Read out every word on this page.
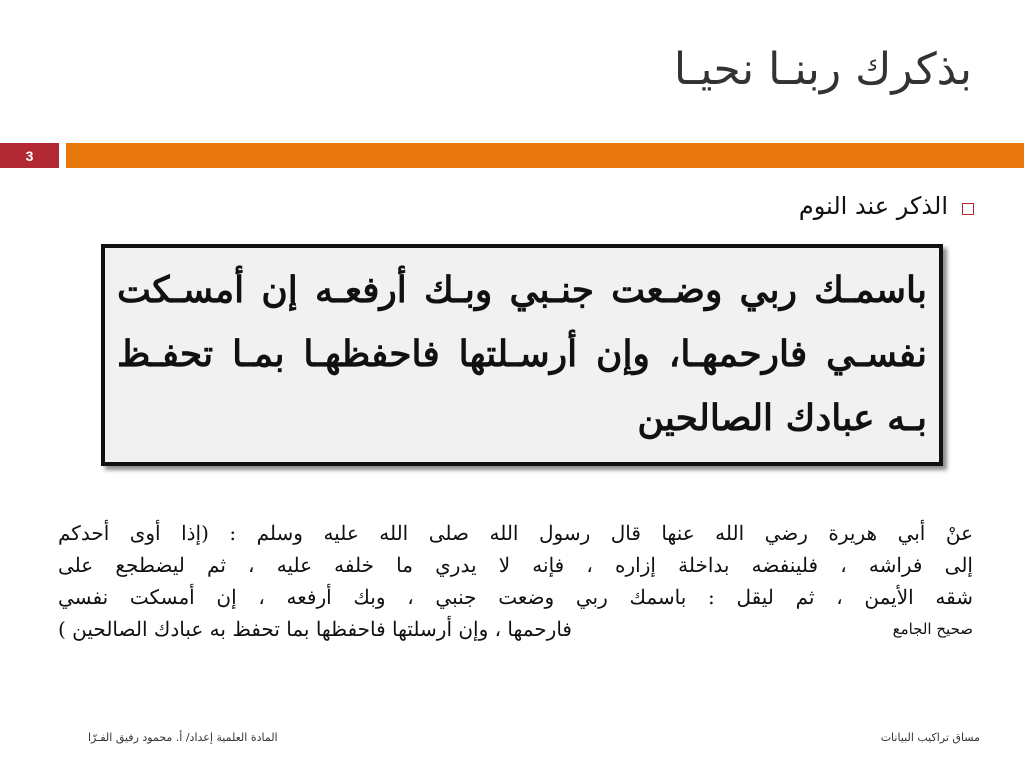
بذكرك ربنـا نحيـا
3
الذكر عند النوم
باسمـك ربي وضـعت جنـبي وبـك أرفعـه إن أمسـكت نفسـي فارحمهـا، وإن أرسـلتها فاحفظهـا بمـا تحفـظ بـه عبادك الصالحين
عنْ أبي هريرة رضي الله عنها قال رسول الله صلى الله عليه وسلم : (إذا أوى أحدكم
إلى فراشه ، فلينفضه بداخلة إزاره ، فإنه لا يدري ما خلفه عليه ، ثم ليضطجع على
شقه الأيمن ، ثم ليقل : باسمك ربي وضعت جنبي ، وبك أرفعه ، إن أمسكت نفسي
فارحمها ، وإن أرسلتها فاحفظها بما تحفظ به عبادك الصالحين )	صحيح الجامع
المادة العلمية إعداد/ أ. محمود رفيق الفـرّا	مساق تراكيب البيانات
